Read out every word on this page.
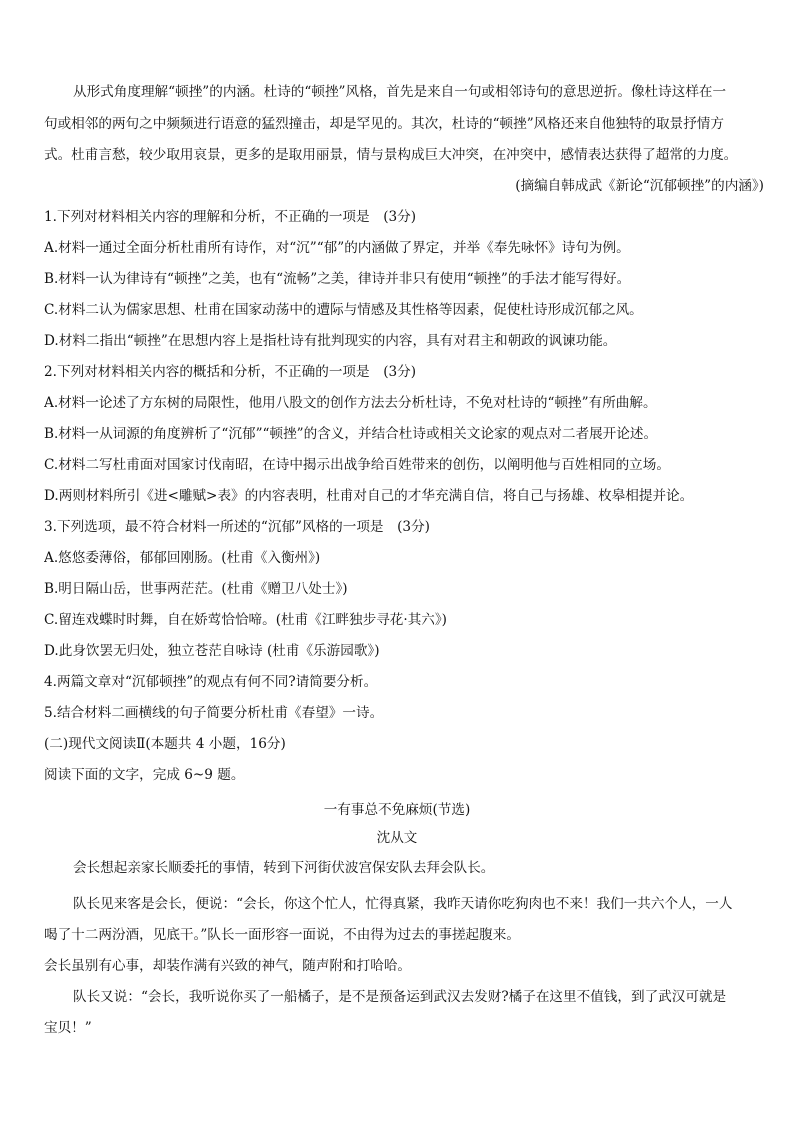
从形式角度理解“顿挫”的内涵。杜诗的“顿挫”风格，首先是来自一句或相邻诗句的意思逆折。像杜诗这样在一
句或相邻的两句之中频频进行语意的猛烈撞击，却是罕见的。其次，杜诗的“顿挫”风格还来自他独特的取景抒情方
式。杜甫言愁，较少取用哀景，更多的是取用丽景，情与景构成巨大冲突，在冲突中，感情表达获得了超常的力度。
(摘编自韩成武《新论“沉郁顿挫”的内涵》)
1.下列对材料相关内容的理解和分析，不正确的一项是　(3分)
A.材料一通过全面分析杜甫所有诗作，对“沉”“郁”的内涵做了界定，并举《奉先咏怀》诗句为例。
B.材料一认为律诗有“顿挫”之美，也有“流畅”之美，律诗并非只有使用“顿挫”的手法才能写得好。
C.材料二认为儒家思想、杜甫在国家动荡中的遭际与情感及其性格等因素，促使杜诗形成沉郁之风。
D.材料二指出“顿挫”在思想内容上是指杜诗有批判现实的内容，具有对君主和朝政的讽谏功能。
2.下列对材料相关内容的概括和分析，不正确的一项是　(3分)
A.材料一论述了方东树的局限性，他用八股文的创作方法去分析杜诗，不免对杜诗的“顿挫”有所曲解。
B.材料一从词源的角度辨析了“沉郁”“顿挫”的含义，并结合杜诗或相关文论家的观点对二者展开论述。
C.材料二写杜甫面对国家讨伐南昭，在诗中揭示出战争给百姓带来的创伤，以阐明他与百姓相同的立场。
D.两则材料所引《进<雕赋>表》的内容表明，杜甫对自己的才华充满自信，将自己与扬雄、枚皋相提并论。
3.下列选项，最不符合材料一所述的“沉郁”风格的一项是　(3分)
A.悠悠委薄俗，郁郁回刚肠。(杜甫《入衡州》)
B.明日隔山岳，世事两茫茫。(杜甫《赠卫八处士》)
C.留连戏蝶时时舞，自在娇莺恰恰啼。(杜甫《江畔独步寻花·其六》)
D.此身饮罢无归处，独立苍茫自咏诗 (杜甫《乐游园歌》)
4.两篇文章对“沉郁顿挫”的观点有何不同?请简要分析。
5.结合材料二画横线的句子简要分析杜甫《春望》一诗。
(二)现代文阅读Ⅱ(本题共 4 小题，16分)
阅读下面的文字，完成 6~9 题。
一有事总不免麻烦(节选)
沈从文
会长想起亲家长顺委托的事情，转到下河街伏波宫保安队去拜会队长。
队长见来客是会长，便说：“会长，你这个忙人，忙得真紧，我昨天请你吃狗肉也不来！我们一共六个人，一人
喝了十二两汾酒，见底干。”队长一面形容一面说，不由得为过去的事搓起腹来。
会长虽别有心事，却装作满有兴致的神气，随声附和打哈哈。
队长又说：“会长，我听说你买了一船橘子，是不是预备运到武汉去发财?橘子在这里不值钱，到了武汉可就是
宝贝！”
